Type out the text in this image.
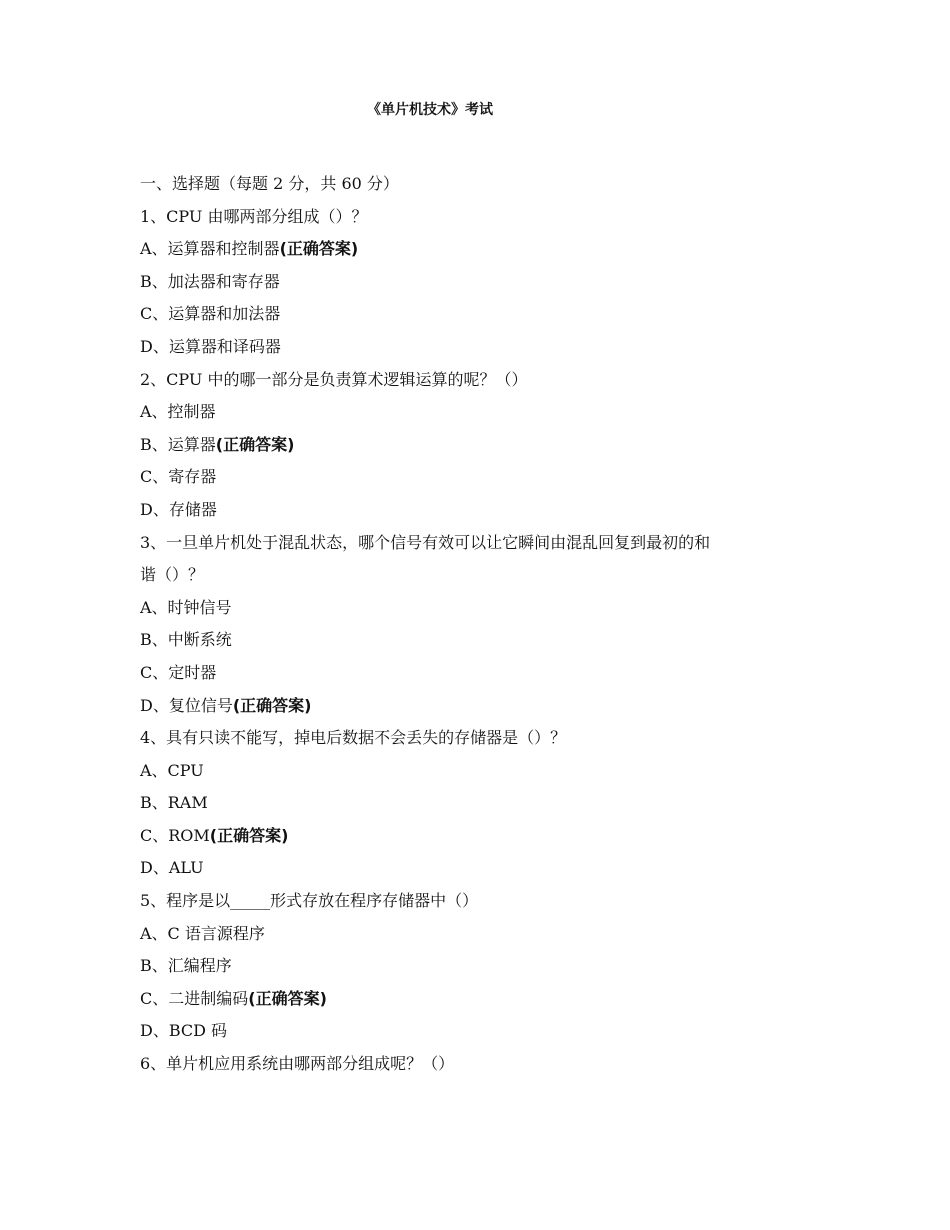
《单片机技术》考试
一、选择题（每题 2 分，共 60 分）
1、CPU 由哪两部分组成（）？
A、运算器和控制器(正确答案)
B、加法器和寄存器
C、运算器和加法器
D、运算器和译码器
2、CPU 中的哪一部分是负责算术逻辑运算的呢？（）
A、控制器
B、运算器(正确答案)
C、寄存器
D、存储器
3、一旦单片机处于混乱状态，哪个信号有效可以让它瞬间由混乱回复到最初的和
谐（）？
A、时钟信号
B、中断系统
C、定时器
D、复位信号(正确答案)
4、具有只读不能写，掉电后数据不会丢失的存储器是（）？
A、CPU
B、RAM
C、ROM(正确答案)
D、ALU
5、程序是以_____形式存放在程序存储器中（）
A、C 语言源程序
B、汇编程序
C、二进制编码(正确答案)
D、BCD 码
6、单片机应用系统由哪两部分组成呢？（）
